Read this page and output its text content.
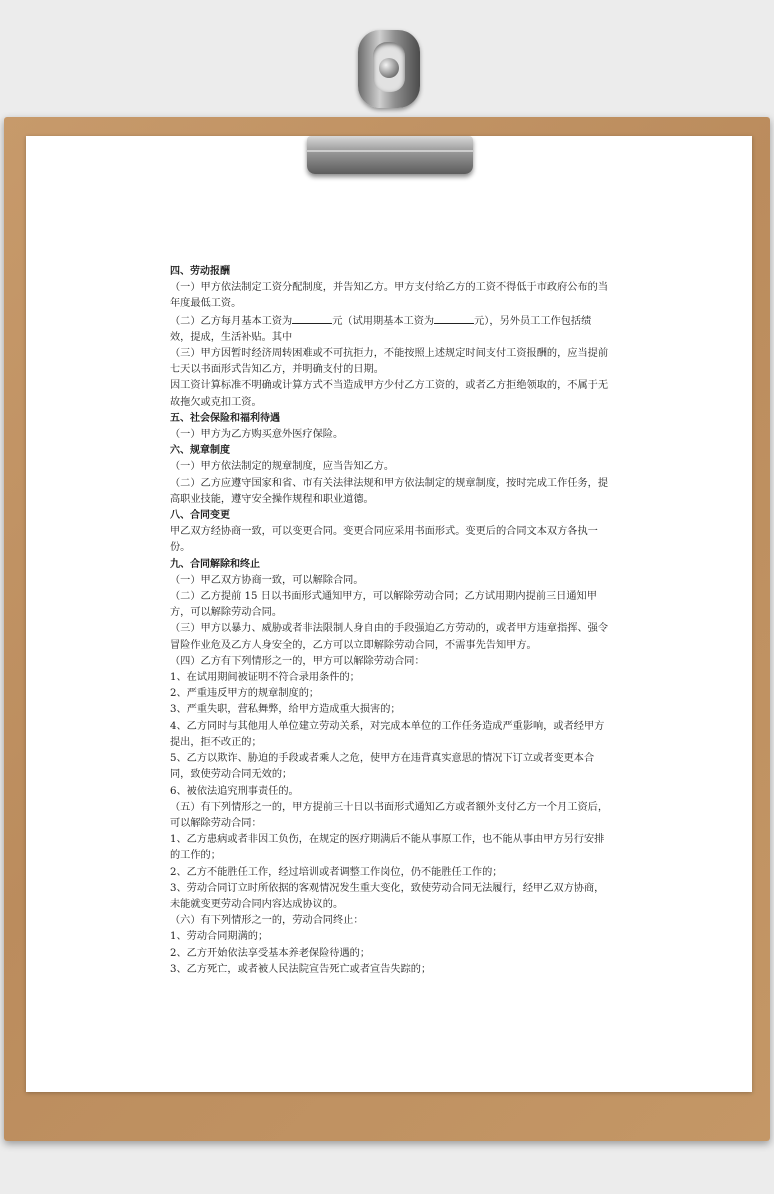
四、劳动报酬

（一）甲方依法制定工资分配制度，并告知乙方。甲方支付给乙方的工资不得低于市政府公布的当年度最低工资。

（二）乙方每月基本工资为	元（试用期基本工资为	元），另外员工工作包括绩效，提成，生活补贴。其中

（三）甲方因暂时经济周转困难或不可抗拒力，不能按照上述规定时间支付工资报酬的，应当提前七天以书面形式告知乙方，并明确支付的日期。

因工资计算标准不明确或计算方式不当造成甲方少付乙方工资的，或者乙方拒绝领取的，不属于无故拖欠或克扣工资。

五、社会保险和福利待遇

（一）甲方为乙方购买意外医疗保险。

六、规章制度

（一）甲方依法制定的规章制度，应当告知乙方。

（二）乙方应遵守国家和省、市有关法律法规和甲方依法制定的规章制度，按时完成工作任务，提高职业技能，遵守安全操作规程和职业道德。

八、合同变更

甲乙双方经协商一致，可以变更合同。变更合同应采用书面形式。变更后的合同文本双方各执一份。

九、合同解除和终止

（一）甲乙双方协商一致，可以解除合同。

（二）乙方提前 15 日以书面形式通知甲方，可以解除劳动合同；乙方试用期内提前三日通知甲方，可以解除劳动合同。

（三）甲方以暴力、威胁或者非法限制人身自由的手段强迫乙方劳动的，或者甲方违章指挥、强令冒险作业危及乙方人身安全的，乙方可以立即解除劳动合同，不需事先告知甲方。

（四）乙方有下列情形之一的，甲方可以解除劳动合同：

1、在试用期间被证明不符合录用条件的；

2、严重违反甲方的规章制度的；

3、严重失职，营私舞弊，给甲方造成重大损害的；

4、乙方同时与其他用人单位建立劳动关系，对完成本单位的工作任务造成严重影响，或者经甲方提出，拒不改正的；

5、乙方以欺诈、胁迫的手段或者乘人之危，使甲方在违背真实意思的情况下订立或者变更本合同，致使劳动合同无效的；

6、被依法追究刑事责任的。

（五）有下列情形之一的，甲方提前三十日以书面形式通知乙方或者额外支付乙方一个月工资后，可以解除劳动合同：

1、乙方患病或者非因工负伤，在规定的医疗期满后不能从事原工作，也不能从事由甲方另行安排的工作的；

2、乙方不能胜任工作，经过培训或者调整工作岗位，仍不能胜任工作的；

3、劳动合同订立时所依据的客观情况发生重大变化，致使劳动合同无法履行，经甲乙双方协商，未能就变更劳动合同内容达成协议的。

（六）有下列情形之一的，劳动合同终止：

1、劳动合同期满的；

2、乙方开始依法享受基本养老保险待遇的；

3、乙方死亡，或者被人民法院宣告死亡或者宣告失踪的；
